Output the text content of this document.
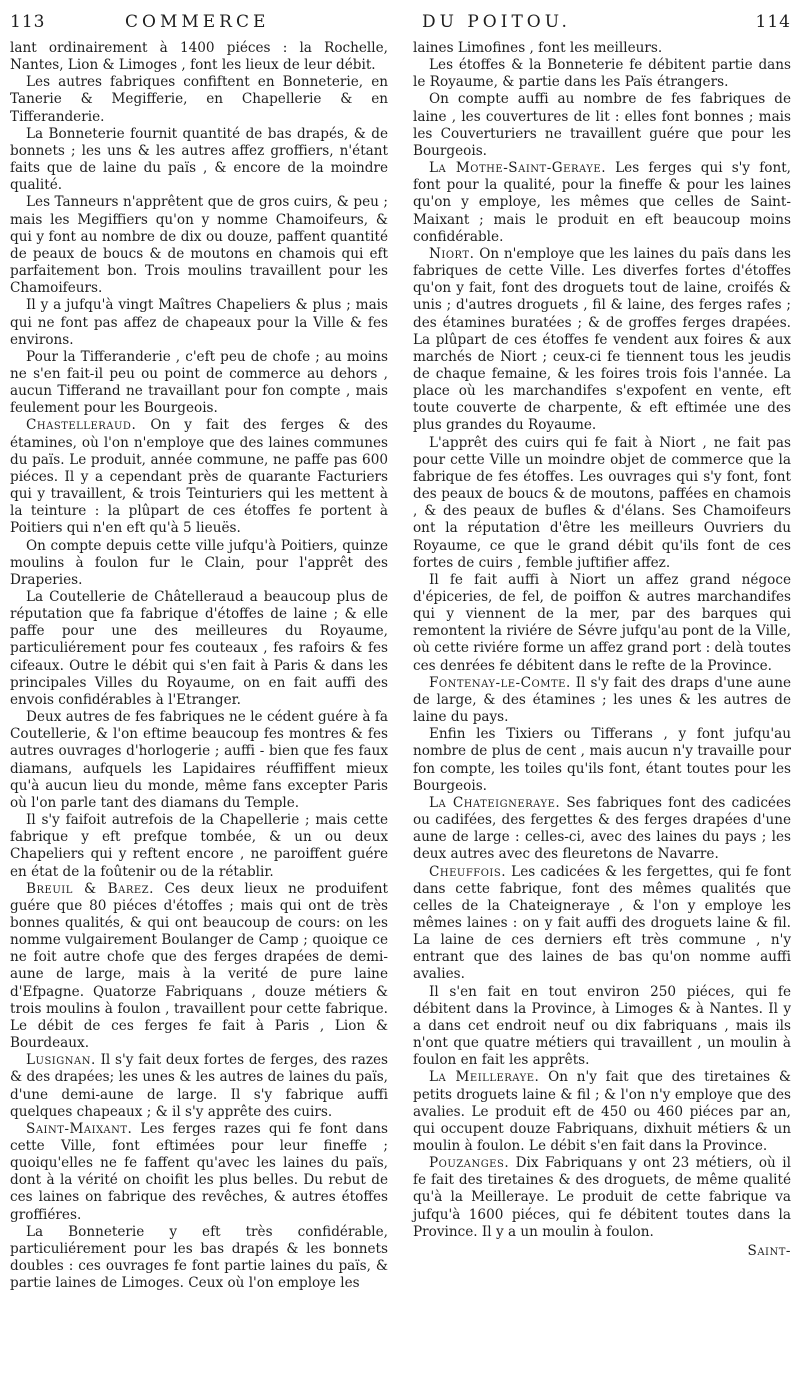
113	COMMERCE	DU POITOU.	114

lant ordinairement à 1400 piéces : la Rochelle, Nantes, Lion & Limoges , font les lieux de leur débit.

Les autres fabriques confiftent en Bonneterie, en Tanerie & Megifferie, en Chapellerie & en Tifferanderie.

La Bonneterie fournit quantité de bas drapés, & de bonnets ; les uns & les autres affez groffiers, n'étant faits que de laine du païs , & encore de la moindre qualité.

Les Tanneurs n'apprêtent que de gros cuirs, & peu ; mais les Megiffiers qu'on y nomme Chamoifeurs, & qui y font au nombre de dix ou douze, paffent quantité de peaux de boucs & de moutons en chamois qui eft parfaitement bon. Trois moulins travaillent pour les Chamoifeurs.

Il y a jufqu'à vingt Maîtres Chapeliers & plus ; mais qui ne font pas affez de chapeaux pour la Ville & fes environs.

Pour la Tifferanderie , c'eft peu de chofe ; au moins ne s'en fait-il peu ou point de commerce au dehors , aucun Tifferand ne travaillant pour fon compte , mais feulement pour les Bourgeois.

Chastelleraud. On y fait des ferges & des étamines, où l'on n'employe que des laines communes du païs. Le produit, année commune, ne paffe pas 600 piéces. Il y a cependant près de quarante Facturiers qui y travaillent, & trois Teinturiers qui les mettent à la teinture : la plûpart de ces étoffes fe portent à Poitiers qui n'en eft qu'à 5 lieuës.

On compte depuis cette ville jufqu'à Poitiers, quinze moulins à foulon fur le Clain, pour l'apprêt des Draperies.

La Coutellerie de Châtelleraud a beaucoup plus de réputation que fa fabrique d'étoffes de laine ; & elle paffe pour une des meilleures du Royaume, particuliérement pour fes couteaux , fes rafoirs & fes cifeaux. Outre le débit qui s'en fait à Paris & dans les principales Villes du Royaume, on en fait auffi des envois confidérables à l'Etranger.

Deux autres de fes fabriques ne le cédent guére à fa Coutellerie, & l'on eftime beaucoup fes montres & fes autres ouvrages d'horlogerie ; auffi - bien que fes faux diamans, aufquels les Lapidaires réuffiffent mieux qu'à aucun lieu du monde, même fans excepter Paris où l'on parle tant des diamans du Temple.

Il s'y faifoit autrefois de la Chapellerie ; mais cette fabrique y eft prefque tombée, & un ou deux Chapeliers qui y reftent encore , ne paroiffent guére en état de la foûtenir ou de la rétablir.

Breuil & Barez. Ces deux lieux ne produifent guére que 80 piéces d'étoffes ; mais qui ont de très bonnes qualités, & qui ont beaucoup de cours: on les nomme vulgairement Boulanger de Camp ; quoique ce ne foit autre chofe que des ferges drapées de demi-aune de large, mais à la verité de pure laine d'Efpagne. Quatorze Fabriquans , douze métiers & trois moulins à foulon , travaillent pour cette fabrique. Le débit de ces ferges fe fait à Paris , Lion & Bourdeaux.

Lusignan. Il s'y fait deux fortes de ferges, des razes & des drapées; les unes & les autres de laines du païs, d'une demi-aune de large. Il s'y fabrique auffi quelques chapeaux ; & il s'y apprête des cuirs.

Saint-Maixant. Les ferges razes qui fe font dans cette Ville, font eftimées pour leur fineffe ; quoiqu'elles ne fe faffent qu'avec les laines du païs, dont à la vérité on choifit les plus belles. Du rebut de ces laines on fabrique des revêches, & autres étoffes groffiéres.

La Bonneterie y eft très confidérable, particuliérement pour les bas drapés & les bonnets doubles : ces ouvrages fe font partie laines du païs, & partie laines de Limoges. Ceux où l'on employe les

laines Limofines , font les meilleurs.

Les étoffes & la Bonneterie fe débitent partie dans le Royaume, & partie dans les Païs étrangers.

On compte auffi au nombre de fes fabriques de laine , les couvertures de lit : elles font bonnes ; mais les Couverturiers ne travaillent guére que pour les Bourgeois.

La Mothe-Saint-Geraye. Les ferges qui s'y font, font pour la qualité, pour la fineffe & pour les laines qu'on y employe, les mêmes que celles de Saint-Maixant ; mais le produit en eft beaucoup moins confidérable.

Niort. On n'employe que les laines du païs dans les fabriques de cette Ville. Les diverfes fortes d'étoffes qu'on y fait, font des droguets tout de laine, croifés & unis ; d'autres droguets , fil & laine, des ferges rafes ; des étamines buratées ; & de groffes ferges drapées. La plûpart de ces étoffes fe vendent aux foires & aux marchés de Niort ; ceux-ci fe tiennent tous les jeudis de chaque femaine, & les foires trois fois l'année. La place où les marchandifes s'expofent en vente, eft toute couverte de charpente, & eft eftimée une des plus grandes du Royaume.

L'apprêt des cuirs qui fe fait à Niort , ne fait pas pour cette Ville un moindre objet de commerce que la fabrique de fes étoffes. Les ouvrages qui s'y font, font des peaux de boucs & de moutons, paffées en chamois , & des peaux de bufles & d'élans. Ses Chamoifeurs ont la réputation d'être les meilleurs Ouvriers du Royaume, ce que le grand débit qu'ils font de ces fortes de cuirs , femble juftifier affez.

Il fe fait auffi à Niort un affez grand négoce d'épiceries, de fel, de poiffon & autres marchandifes qui y viennent de la mer, par des barques qui remontent la riviére de Sévre jufqu'au pont de la Ville, où cette riviére forme un affez grand port : delà toutes ces denrées fe débitent dans le refte de la Province.

Fontenay-le-Comte. Il s'y fait des draps d'une aune de large, & des étamines ; les unes & les autres de laine du pays.

Enfin les Tixiers ou Tifferans , y font jufqu'au nombre de plus de cent , mais aucun n'y travaille pour fon compte, les toiles qu'ils font, étant toutes pour les Bourgeois.

La Chateigneraye. Ses fabriques font des cadicées ou cadifées, des fergettes & des ferges drapées d'une aune de large : celles-ci, avec des laines du pays ; les deux autres avec des fleuretons de Navarre.

Cheuffois. Les cadicées & les fergettes, qui fe font dans cette fabrique, font des mêmes qualités que celles de la Chateigneraye , & l'on y employe les mêmes laines : on y fait auffi des droguets laine & fil. La laine de ces derniers eft très commune , n'y entrant que des laines de bas qu'on nomme auffi avalies.

Il s'en fait en tout environ 250 piéces, qui fe débitent dans la Province, à Limoges & à Nantes. Il y a dans cet endroit neuf ou dix fabriquans , mais ils n'ont que quatre métiers qui travaillent , un moulin à foulon en fait les apprêts.

La Meilleraye. On n'y fait que des tiretaines & petits droguets laine & fil ; & l'on n'y employe que des avalies. Le produit eft de 450 ou 460 piéces par an, qui occupent douze Fabriquans, dixhuit métiers & un moulin à foulon. Le débit s'en fait dans la Province.

Pouzanges. Dix Fabriquans y ont 23 métiers, où il fe fait des tiretaines & des droguets, de même qualité qu'à la Meilleraye. Le produit de cette fabrique va jufqu'à 1600 piéces, qui fe débitent toutes dans la Province. Il y a un moulin à foulon.

Saint-
